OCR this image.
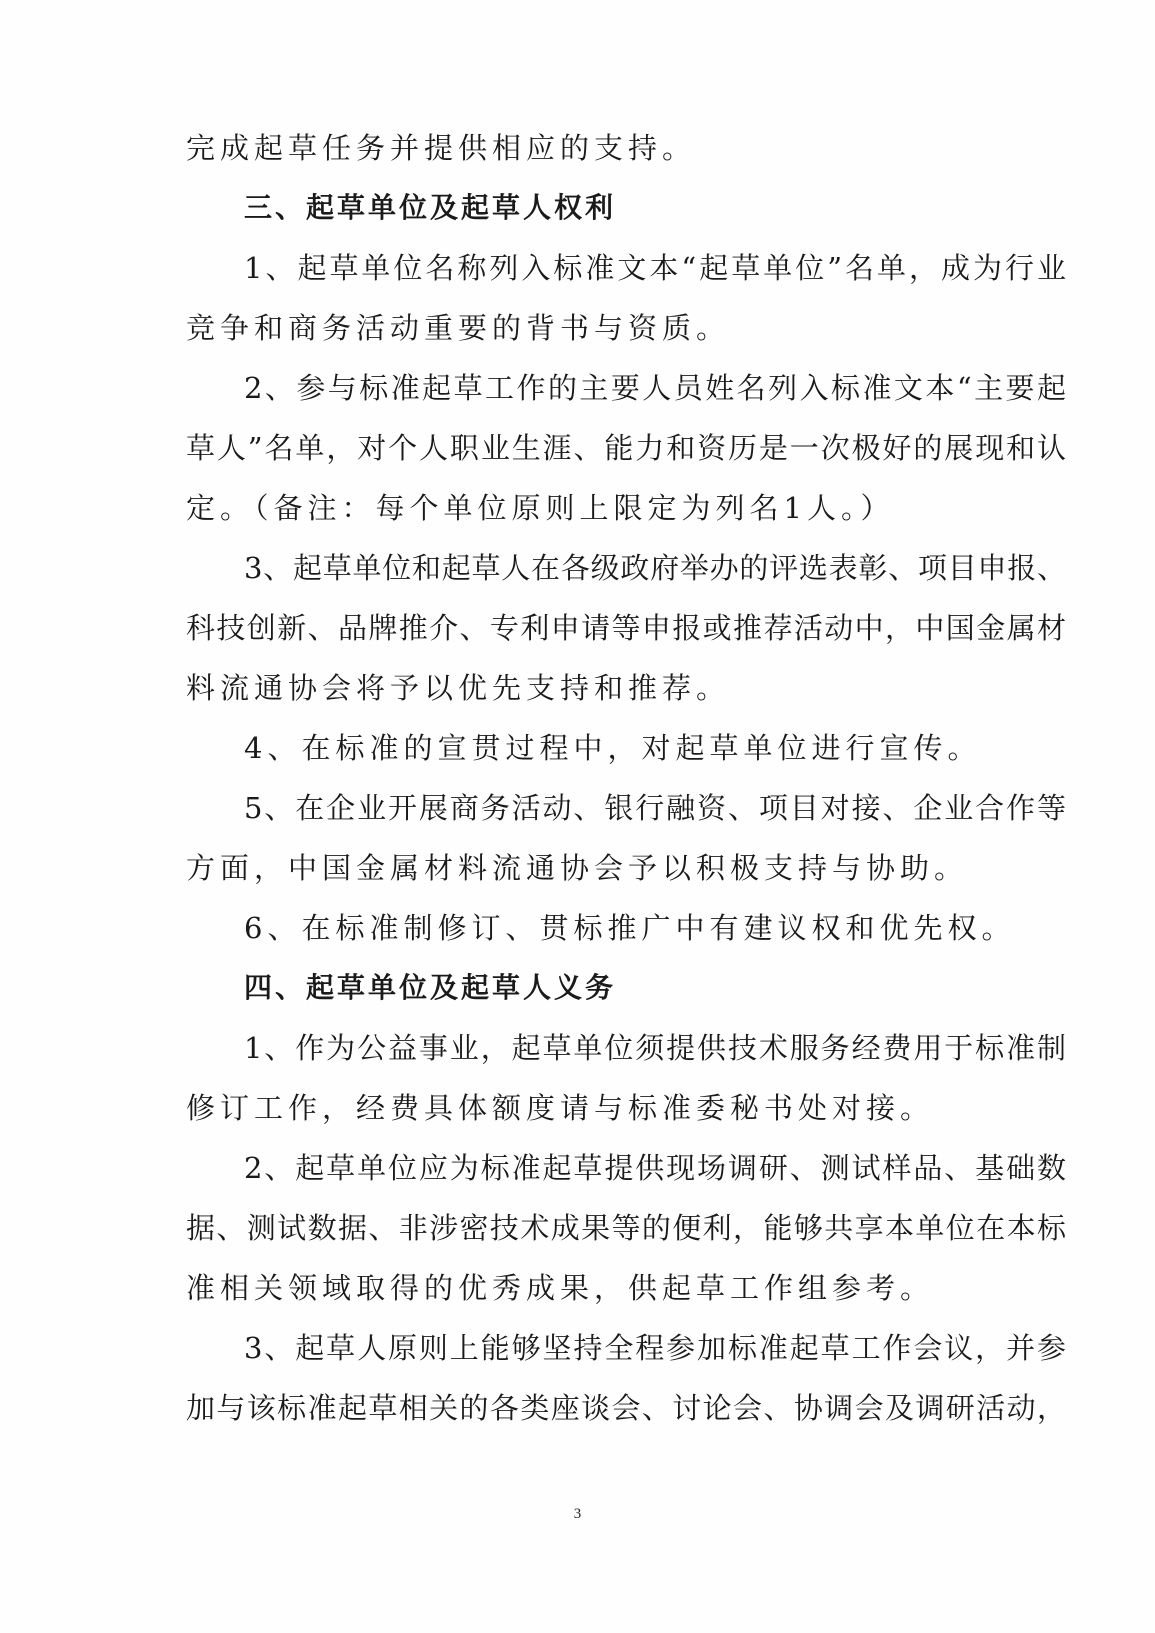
完成起草任务并提供相应的支持。

三、起草单位及起草人权利

1、起草单位名称列入标准文本“起草单位”名单，成为行业

竞争和商务活动重要的背书与资质。

2、参与标准起草工作的主要人员姓名列入标准文本“主要起

草人”名单，对个人职业生涯、能力和资历是一次极好的展现和认

定。（备注：每个单位原则上限定为列名1人。）

3、起草单位和起草人在各级政府举办的评选表彰、项目申报、

科技创新、品牌推介、专利申请等申报或推荐活动中，中国金属材

料流通协会将予以优先支持和推荐。

4、在标准的宣贯过程中，对起草单位进行宣传。

5、在企业开展商务活动、银行融资、项目对接、企业合作等

方面，中国金属材料流通协会予以积极支持与协助。

6、在标准制修订、贯标推广中有建议权和优先权。

四、起草单位及起草人义务

1、作为公益事业，起草单位须提供技术服务经费用于标准制

修订工作，经费具体额度请与标准委秘书处对接。

2、起草单位应为标准起草提供现场调研、测试样品、基础数

据、测试数据、非涉密技术成果等的便利，能够共享本单位在本标

准相关领域取得的优秀成果，供起草工作组参考。

3、起草人原则上能够坚持全程参加标准起草工作会议，并参

加与该标准起草相关的各类座谈会、讨论会、协调会及调研活动，

3
